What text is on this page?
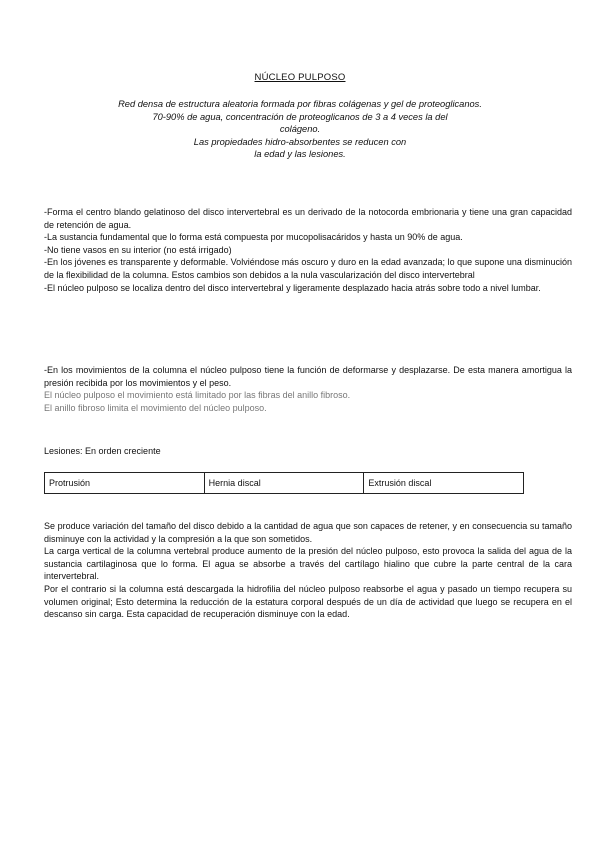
NÚCLEO PULPOSO
Red densa de estructura aleatoria formada por fibras colágenas y gel de proteoglicanos.
70-90% de agua, concentración de proteoglicanos de 3 a 4 veces la del
colágeno.
Las propiedades hidro-absorbentes se reducen con
la edad y las lesiones.

-Forma el centro blando gelatinoso del disco intervertebral es un derivado de la notocorda embrionaria y tiene una gran capacidad de retención de agua.

-La sustancia fundamental que lo forma está compuesta por mucopolisacáridos y hasta un 90% de agua.

-No tiene vasos en su interior (no está irrigado)

-En los jóvenes es transparente y deformable. Volviéndose más oscuro y duro en la edad avanzada; lo que supone una disminución de la flexibilidad de la columna. Estos cambios son debidos a la nula vascularización del disco intervertebral

-El núcleo pulposo se localiza dentro del disco intervertebral y ligeramente desplazado hacia atrás sobre todo a nivel lumbar.

-En los movimientos de la columna el núcleo pulposo tiene la función de deformarse y desplazarse. De esta manera amortigua la presión recibida por los movimientos y el peso.

El núcleo pulposo el movimiento está limitado por las fibras del anillo fibroso.

El anillo fibroso limita el movimiento del núcleo pulposo.

Lesiones: En orden creciente
Protrusión	Hernia discal	Extrusión discal

Se produce variación del tamaño del disco debido a la cantidad de agua que son capaces de retener, y en consecuencia su tamaño disminuye con la actividad y la compresión a la que son sometidos.

La carga vertical de la columna vertebral produce aumento de la presión del núcleo pulposo, esto provoca la salida del agua de la sustancia cartilaginosa que lo forma. El agua se absorbe a través del cartílago hialino que cubre la parte central de la cara intervertebral.

Por el contrario si la columna está descargada la hidrofilia del núcleo pulposo reabsorbe el agua y pasado un tiempo recupera su volumen original; Esto determina la reducción de la estatura corporal después de un día de actividad que luego se recupera en el descanso sin carga. Esta capacidad de recuperación disminuye con la edad.
